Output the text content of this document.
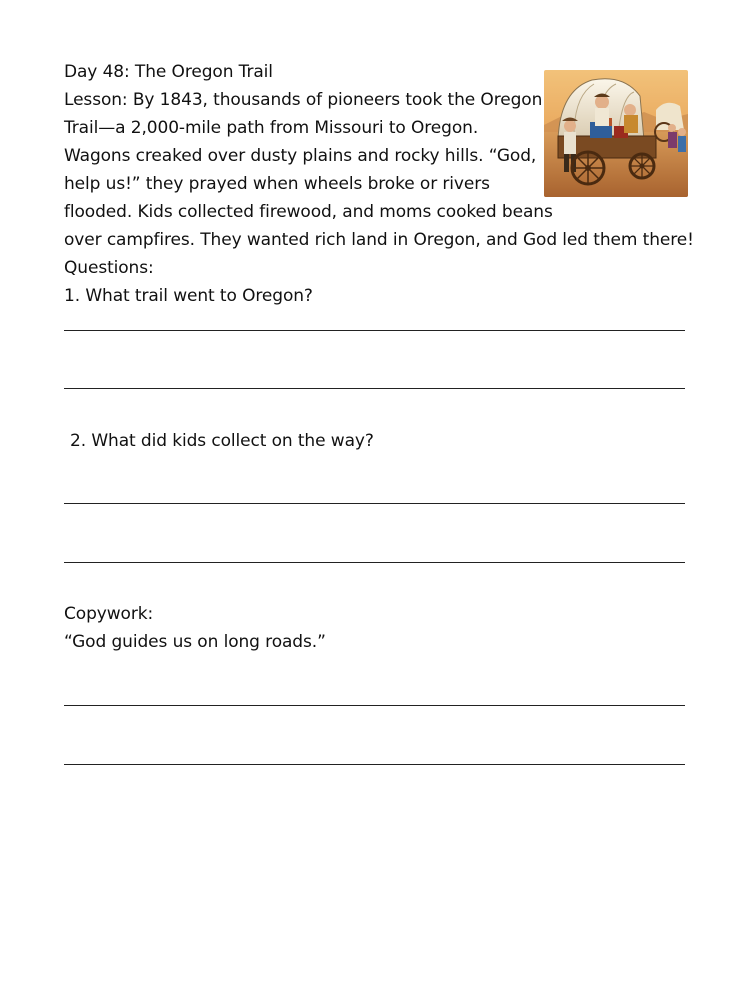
Day 48: The Oregon Trail
Lesson: By 1843, thousands of pioneers took the Oregon
Trail—a 2,000-mile path from Missouri to Oregon.
Wagons creaked over dusty plains and rocky hills. “God,
help us!” they prayed when wheels broke or rivers
flooded. Kids collected firewood, and moms cooked beans
over campfires. They wanted rich land in Oregon, and God led them there!
Questions:
1. What trail went to Oregon?
2. What did kids collect on the way?
Copywork:
“God guides us on long roads.”
